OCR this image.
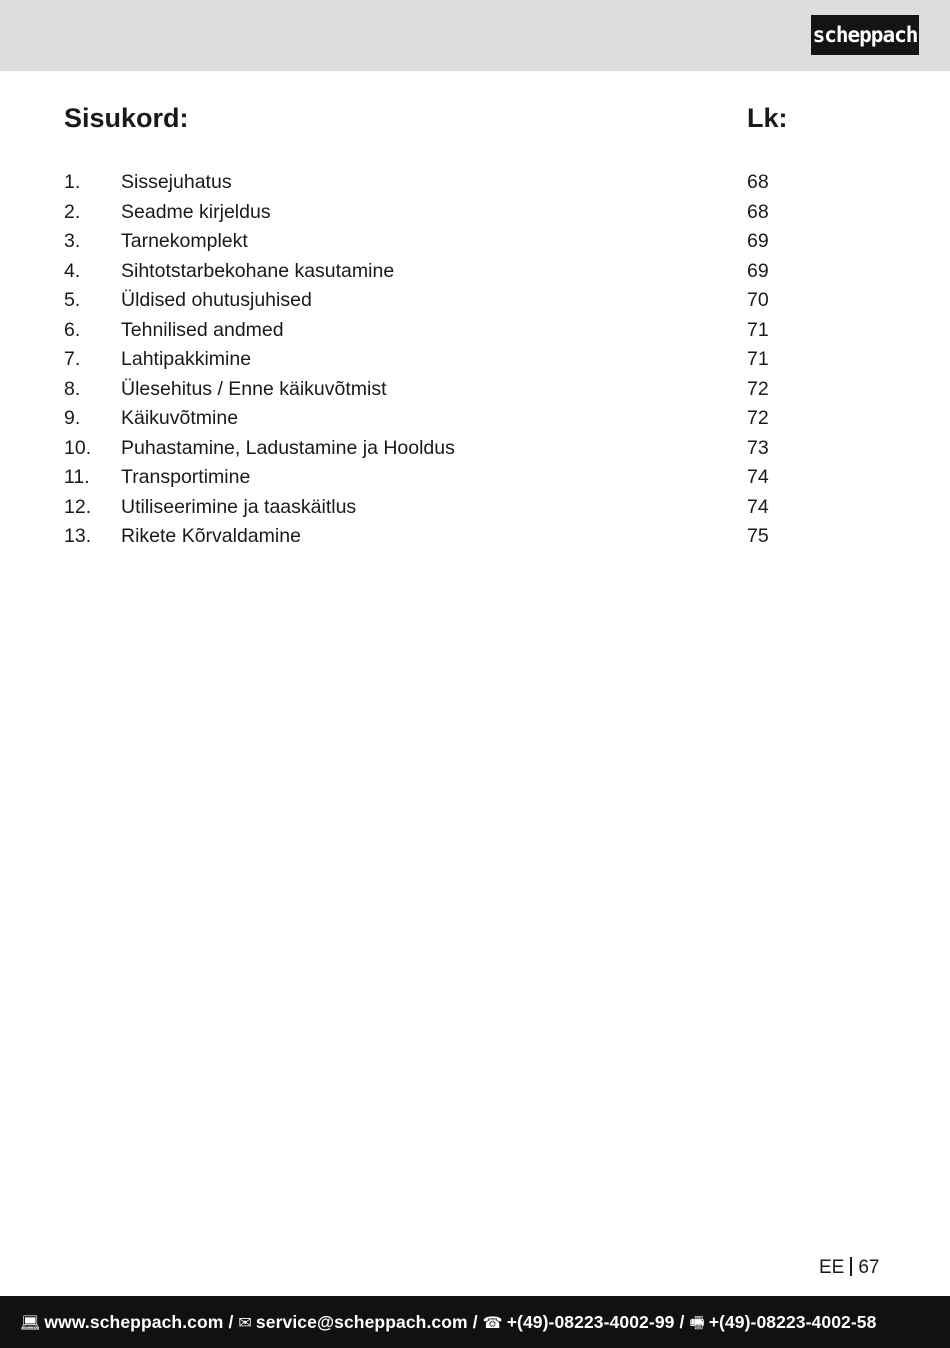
scheppach
Sisukord:	Lk:
1. Sissejuhatus	68
2. Seadme kirjeldus	68
3. Tarnekomplekt	69
4. Sihtotstarbekohane kasutamine	69
5. Üldised ohutusjuhised	70
6. Tehnilised andmed	71
7. Lahtipakkimine	71
8. Ülesehitus / Enne käikuvõtmist	72
9. Käikuvõtmine	72
10. Puhastamine, Ladustamine ja Hooldus	73
11. Transportimine	74
12. Utiliseerimine ja taaskäitlus	74
13. Rikete Kõrvaldamine	75
EE 67
💻︎ www.scheppach.com / ✉︎ service@scheppach.com / ☎︎ +(49)-08223-4002-99 / 🖷︎ +(49)-08223-4002-58
